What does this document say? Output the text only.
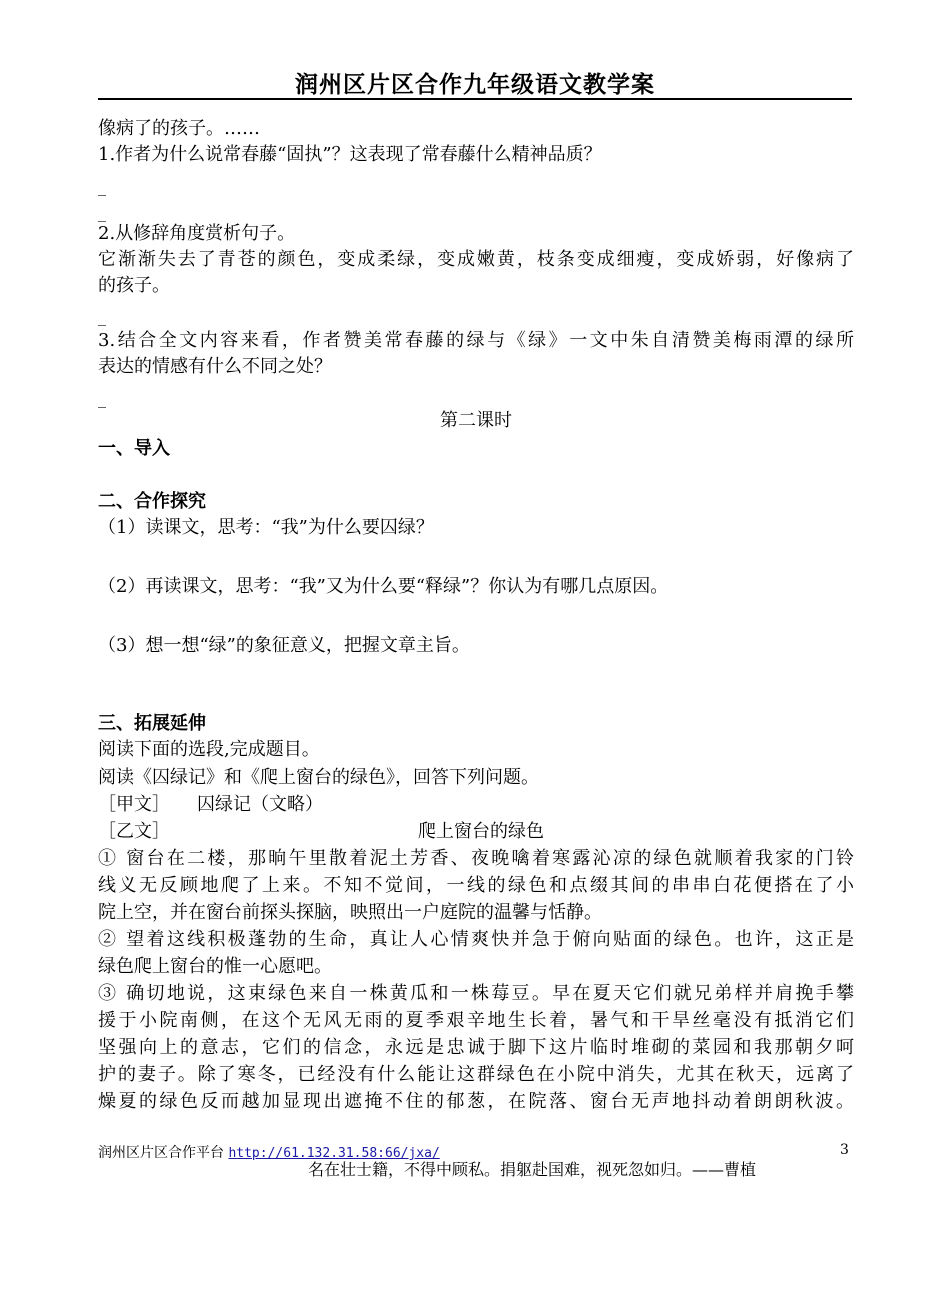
润州区片区合作九年级语文教学案
像病了的孩子。……
1.作者为什么说常春藤“固执”？这表现了常春藤什么精神品质？
_
_
2.从修辞角度赏析句子。
它渐渐失去了青苍的颜色，变成柔绿，变成嫩黄，枝条变成细瘦，变成娇弱，好像病了
的孩子。
_
3.结合全文内容来看，作者赞美常春藤的绿与《绿》一文中朱自清赞美梅雨潭的绿所
表达的情感有什么不同之处？
_
第二课时
一、导入
二、合作探究
（1）读课文，思考：“我”为什么要囚绿？
（2）再读课文，思考：“我”又为什么要“释绿”？你认为有哪几点原因。
（3）想一想“绿”的象征意义，把握文章主旨。
三、拓展延伸
阅读下面的选段,完成题目。
阅读《囚绿记》和《爬上窗台的绿色》，回答下列问题。
［甲文］　　囚绿记（文略）
［乙文］	爬上窗台的绿色
① 窗台在二楼，那晌午里散着泥土芳香、夜晚噙着寒露沁凉的绿色就顺着我家的门铃
线义无反顾地爬了上来。不知不觉间，一线的绿色和点缀其间的串串白花便搭在了小
院上空，并在窗台前探头探脑，映照出一户庭院的温馨与恬静。
② 望着这线积极蓬勃的生命，真让人心情爽快并急于俯向贴面的绿色。也许，这正是
绿色爬上窗台的惟一心愿吧。
③ 确切地说，这束绿色来自一株黄瓜和一株莓豆。早在夏天它们就兄弟样并肩挽手攀
援于小院南侧，在这个无风无雨的夏季艰辛地生长着，暑气和干旱丝毫没有抵消它们
坚强向上的意志，它们的信念，永远是忠诚于脚下这片临时堆砌的菜园和我那朝夕呵
护的妻子。除了寒冬，已经没有什么能让这群绿色在小院中消失，尤其在秋天，远离了
燥夏的绿色反而越加显现出遮掩不住的郁葱，在院落、窗台无声地抖动着朗朗秋波。
润州区片区合作平台 http://61.132.31.58:66/jxa/	3
名在壮士籍，不得中顾私。捐躯赴国难，视死忽如归。——曹植
